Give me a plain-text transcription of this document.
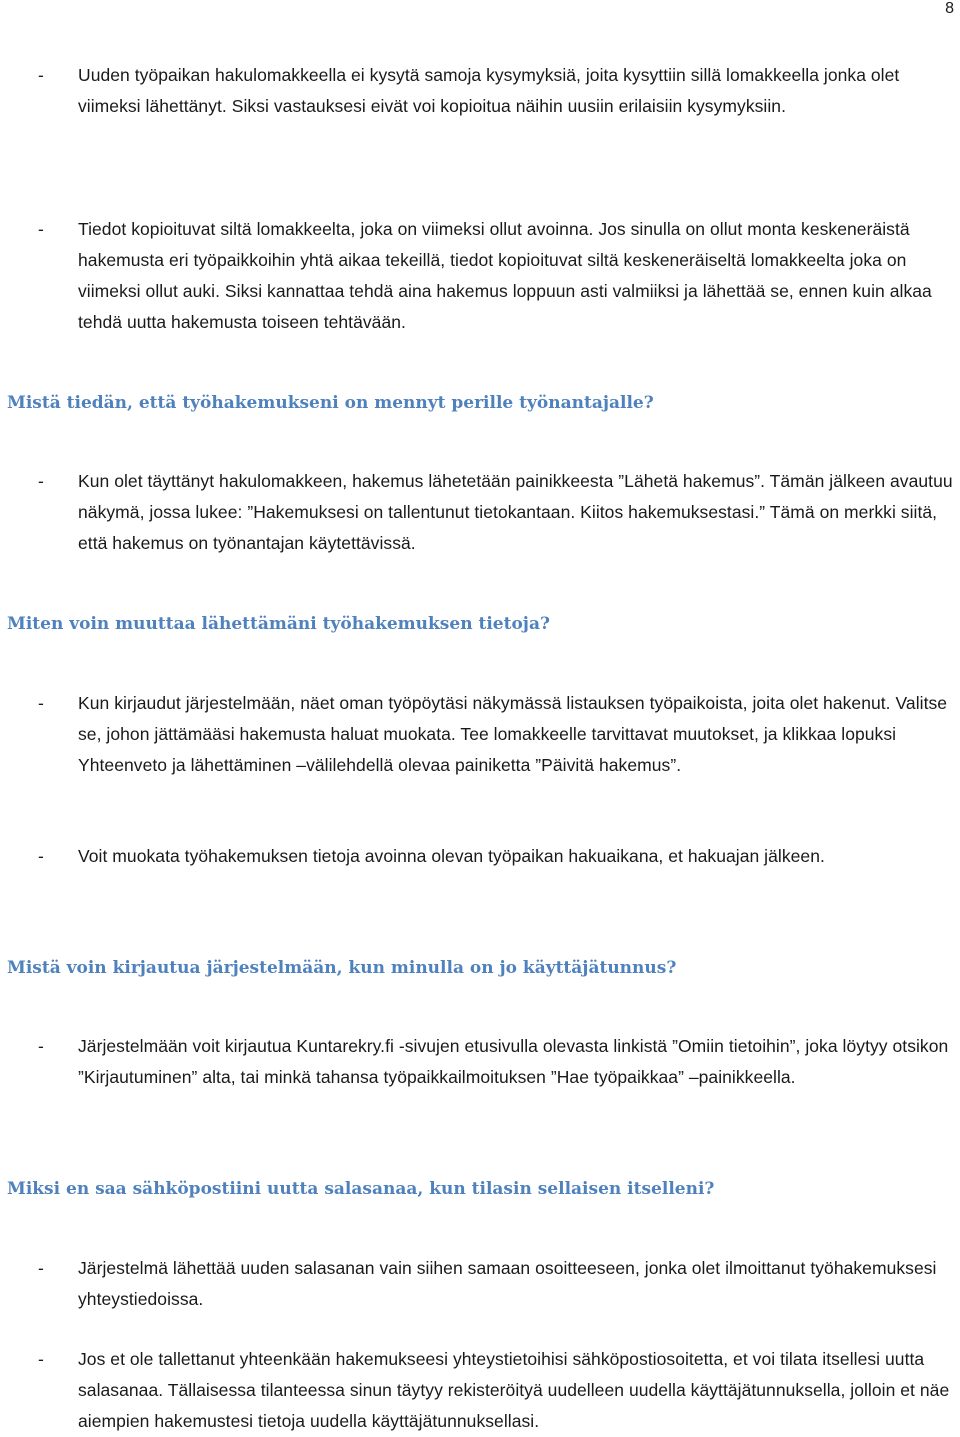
8
- Uuden työpaikan hakulomakkeella ei kysytä samoja kysymyksiä, joita kysyttiin sillä lomakkeella jonka olet viimeksi lähettänyt. Siksi vastauksesi eivät voi kopioitua näihin uusiin erilaisiin kysymyksiin.
- Tiedot kopioituvat siltä lomakkeelta, joka on viimeksi ollut avoinna. Jos sinulla on ollut monta keskeneräistä hakemusta eri työpaikkoihin yhtä aikaa tekeillä, tiedot kopioituvat siltä keskeneräiseltä lomakkeelta joka on viimeksi ollut auki. Siksi kannattaa tehdä aina hakemus loppuun asti valmiiksi ja lähettää se, ennen kuin alkaa tehdä uutta hakemusta toiseen tehtävään.
Mistä tiedän, että työhakemukseni on mennyt perille työnantajalle?
- Kun olet täyttänyt hakulomakkeen, hakemus lähetetään painikkeesta ”Lähetä hakemus”. Tämän jälkeen avautuu näkymä, jossa lukee: ”Hakemuksesi on tallentunut tietokantaan. Kiitos hakemuksestasi.” Tämä on merkki siitä, että hakemus on työnantajan käytettävissä.
Miten voin muuttaa lähettämäni työhakemuksen tietoja?
- Kun kirjaudut järjestelmään, näet oman työpöytäsi näkymässä listauksen työpaikoista, joita olet hakenut. Valitse se, johon jättämääsi hakemusta haluat muokata. Tee lomakkeelle tarvittavat muutokset, ja klikkaa lopuksi Yhteenveto ja lähettäminen –välilehdellä olevaa painiketta ”Päivitä hakemus”.
- Voit muokata työhakemuksen tietoja avoinna olevan työpaikan hakuaikana, et hakuajan jälkeen.
Mistä voin kirjautua järjestelmään, kun minulla on jo käyttäjätunnus?
- Järjestelmään voit kirjautua Kuntarekry.fi -sivujen etusivulla olevasta linkistä ”Omiin tietoihin”, joka löytyy otsikon ”Kirjautuminen” alta, tai minkä tahansa työpaikkailmoituksen ”Hae työpaikkaa” –painikkeella.
Miksi en saa sähköpostiini uutta salasanaa, kun tilasin sellaisen itselleni?
- Järjestelmä lähettää uuden salasanan vain siihen samaan osoitteeseen, jonka olet ilmoittanut työhakemuksesi yhteystiedoissa.
- Jos et ole tallettanut yhteenkään hakemukseesi yhteystietoihisi sähköpostiosoitetta, et voi tilata itsellesi uutta salasanaa. Tällaisessa tilanteessa sinun täytyy rekisteröityä uudelleen uudella käyttäjätunnuksella, jolloin et näe aiempien hakemustesi tietoja uudella käyttäjätunnuksellasi.
